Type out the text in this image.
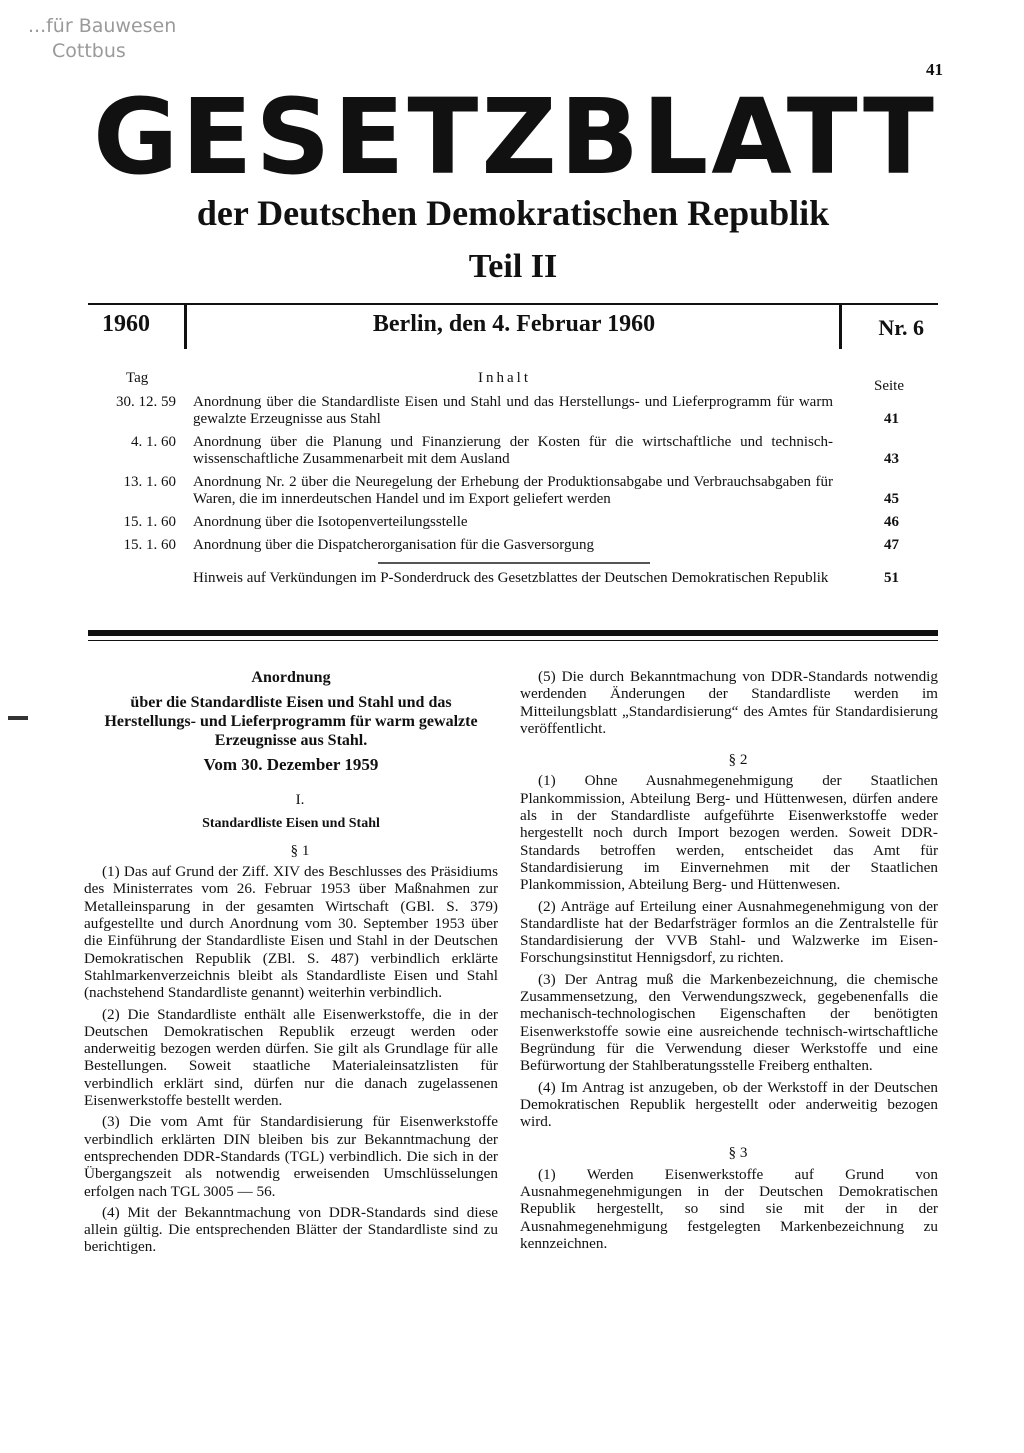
...für Bauwesen
Cottbus
41
GESETZBLATT
der Deutschen Demokratischen Republik
Teil II
1960	Berlin, den 4. Februar 1960	Nr. 6
Tag	Inhalt	Seite
30. 12. 59 Anordnung über die Standardliste Eisen und Stahl und das Herstellungs- und Lieferprogramm für warm gewalzte Erzeugnisse aus Stahl	41
4. 1. 60 Anordnung über die Planung und Finanzierung der Kosten für die wirtschaftliche und technisch-wissenschaftliche Zusammenarbeit mit dem Ausland	43
13. 1. 60 Anordnung Nr. 2 über die Neuregelung der Erhebung der Produktionsabgabe und Verbrauchsabgaben für Waren, die im innerdeutschen Handel und im Export geliefert werden	45
15. 1. 60 Anordnung über die Isotopenverteilungsstelle	46
15. 1. 60 Anordnung über die Dispatcherorganisation für die Gasversorgung	47
Hinweis auf Verkündungen im P-Sonderdruck des Gesetzblattes der Deutschen Demokratischen Republik	51
Anordnung
über die Standardliste Eisen und Stahl und das Herstellungs- und Lieferprogramm für warm gewalzte Erzeugnisse aus Stahl.
Vom 30. Dezember 1959

I.

Standardliste Eisen und Stahl

§ 1

(1) Das auf Grund der Ziff. XIV des Beschlusses des Präsidiums des Ministerrates vom 26. Februar 1953 über Maßnahmen zur Metalleinsparung in der gesamten Wirtschaft (GBl. S. 379) aufgestellte und durch Anordnung vom 30. September 1953 über die Einführung der Standardliste Eisen und Stahl in der Deutschen Demokratischen Republik (ZBl. S. 487) verbindlich erklärte Stahlmarkenverzeichnis bleibt als Standardliste Eisen und Stahl (nachstehend Standardliste genannt) weiterhin verbindlich.

(2) Die Standardliste enthält alle Eisenwerkstoffe, die in der Deutschen Demokratischen Republik erzeugt werden oder anderweitig bezogen werden dürfen. Sie gilt als Grundlage für alle Bestellungen. Soweit staatliche Materialeinsatzlisten für verbindlich erklärt sind, dürfen nur die danach zugelassenen Eisenwerkstoffe bestellt werden.

(3) Die vom Amt für Standardisierung für Eisenwerkstoffe verbindlich erklärten DIN bleiben bis zur Bekanntmachung der entsprechenden DDR-Standards (TGL) verbindlich. Die sich in der Übergangszeit als notwendig erweisenden Umschlüsselungen erfolgen nach TGL 3005 — 56.

(4) Mit der Bekanntmachung von DDR-Standards sind diese allein gültig. Die entsprechenden Blätter der Standardliste sind zu berichtigen.

(5) Die durch Bekanntmachung von DDR-Standards notwendig werdenden Änderungen der Standardliste werden im Mitteilungsblatt „Standardisierung“ des Amtes für Standardisierung veröffentlicht.

§ 2

(1) Ohne Ausnahmegenehmigung der Staatlichen Plankommission, Abteilung Berg- und Hüttenwesen, dürfen andere als in der Standardliste aufgeführte Eisenwerkstoffe weder hergestellt noch durch Import bezogen werden. Soweit DDR-Standards betroffen werden, entscheidet das Amt für Standardisierung im Einvernehmen mit der Staatlichen Plankommission, Abteilung Berg- und Hüttenwesen.

(2) Anträge auf Erteilung einer Ausnahmegenehmigung von der Standardliste hat der Bedarfsträger formlos an die Zentralstelle für Standardisierung der VVB Stahl- und Walzwerke im Eisen-Forschungsinstitut Hennigsdorf, zu richten.

(3) Der Antrag muß die Markenbezeichnung, die chemische Zusammensetzung, den Verwendungszweck, gegebenenfalls die mechanisch-technologischen Eigenschaften der benötigten Eisenwerkstoffe sowie eine ausreichende technisch-wirtschaftliche Begründung für die Verwendung dieser Werkstoffe und eine Befürwortung der Stahlberatungsstelle Freiberg enthalten.

(4) Im Antrag ist anzugeben, ob der Werkstoff in der Deutschen Demokratischen Republik hergestellt oder anderweitig bezogen wird.

§ 3

(1) Werden Eisenwerkstoffe auf Grund von Ausnahmegenehmigungen in der Deutschen Demokratischen Republik hergestellt, so sind sie mit der in der Ausnahmegenehmigung festgelegten Markenbezeichnung zu kennzeichnen.
